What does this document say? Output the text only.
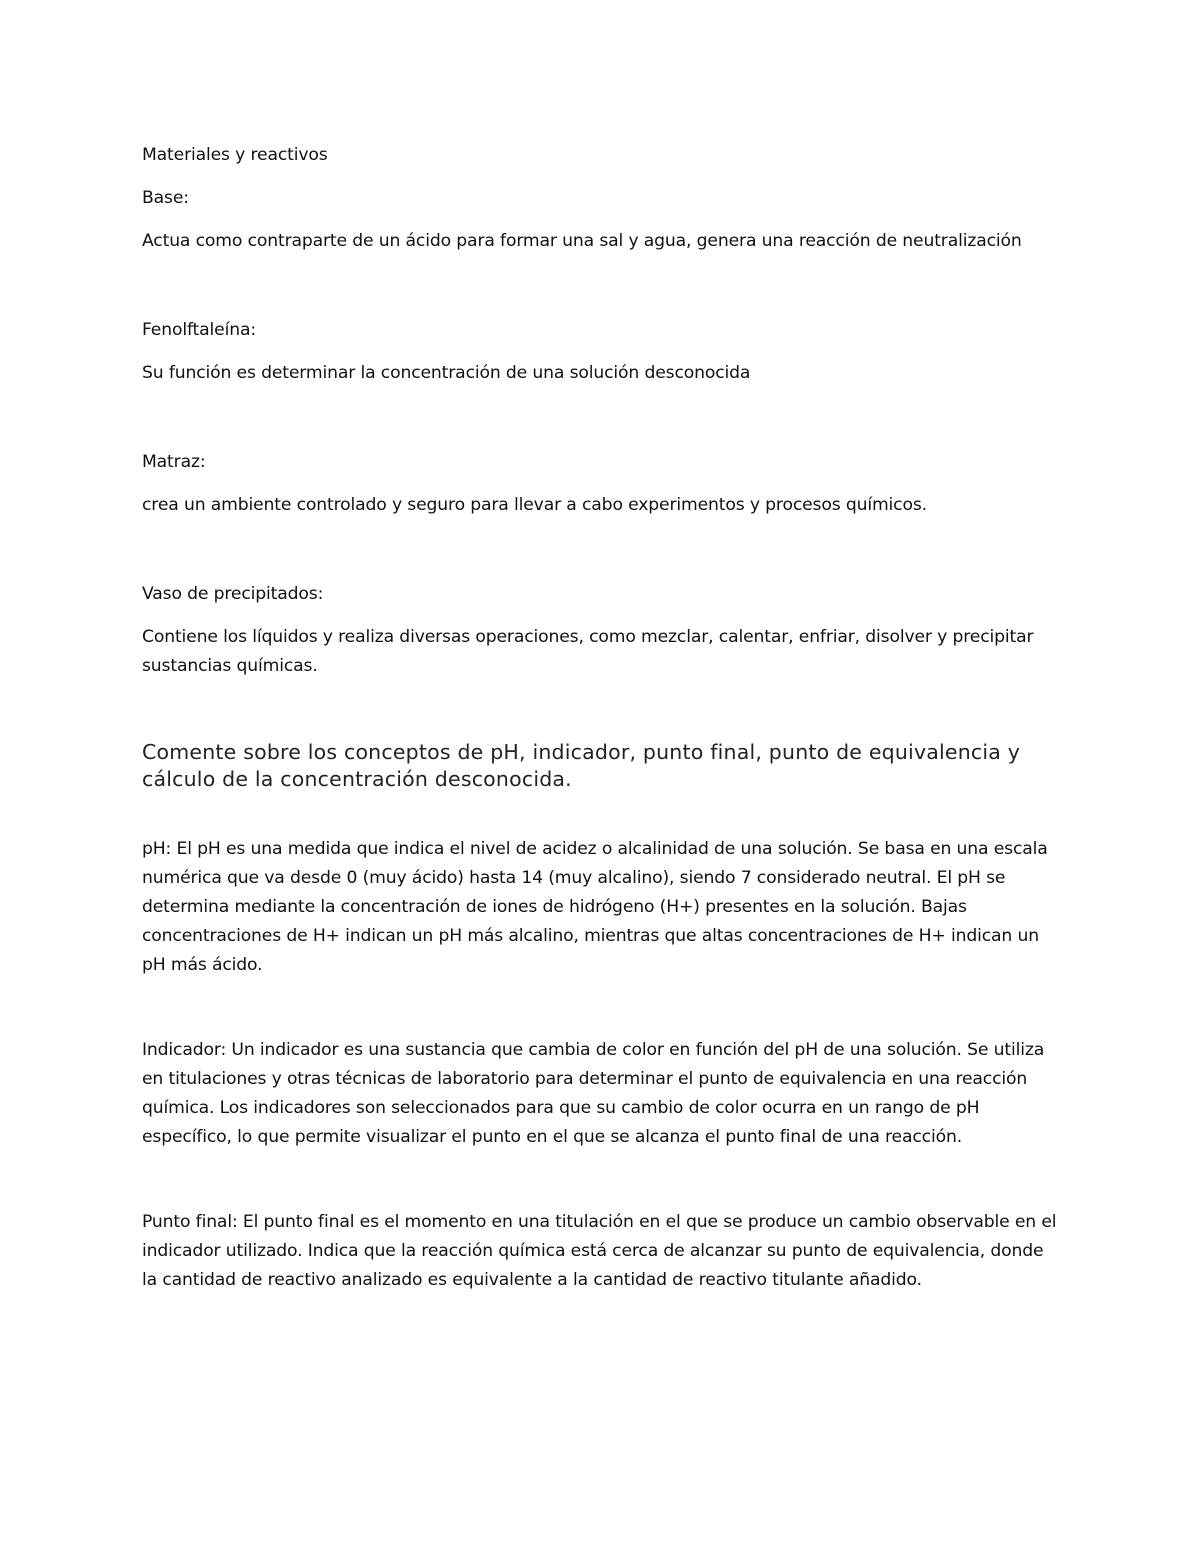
Materiales y reactivos

Base:

Actua como contraparte de un ácido para formar una sal y agua, genera una reacción de neutralización

Fenolftaleína:

Su función es determinar la concentración de una solución desconocida

Matraz:

crea un ambiente controlado y seguro para llevar a cabo experimentos y procesos químicos.

Vaso de precipitados:

Contiene los líquidos y realiza diversas operaciones, como mezclar, calentar, enfriar, disolver y precipitar sustancias químicas.

Comente sobre los conceptos de pH, indicador, punto final, punto de equivalencia y cálculo de la concentración desconocida.

pH: El pH es una medida que indica el nivel de acidez o alcalinidad de una solución. Se basa en una escala numérica que va desde 0 (muy ácido) hasta 14 (muy alcalino), siendo 7 considerado neutral. El pH se determina mediante la concentración de iones de hidrógeno (H+) presentes en la solución. Bajas concentraciones de H+ indican un pH más alcalino, mientras que altas concentraciones de H+ indican un pH más ácido.

Indicador: Un indicador es una sustancia que cambia de color en función del pH de una solución. Se utiliza en titulaciones y otras técnicas de laboratorio para determinar el punto de equivalencia en una reacción química. Los indicadores son seleccionados para que su cambio de color ocurra en un rango de pH específico, lo que permite visualizar el punto en el que se alcanza el punto final de una reacción.

Punto final: El punto final es el momento en una titulación en el que se produce un cambio observable en el indicador utilizado. Indica que la reacción química está cerca de alcanzar su punto de equivalencia, donde la cantidad de reactivo analizado es equivalente a la cantidad de reactivo titulante añadido.
